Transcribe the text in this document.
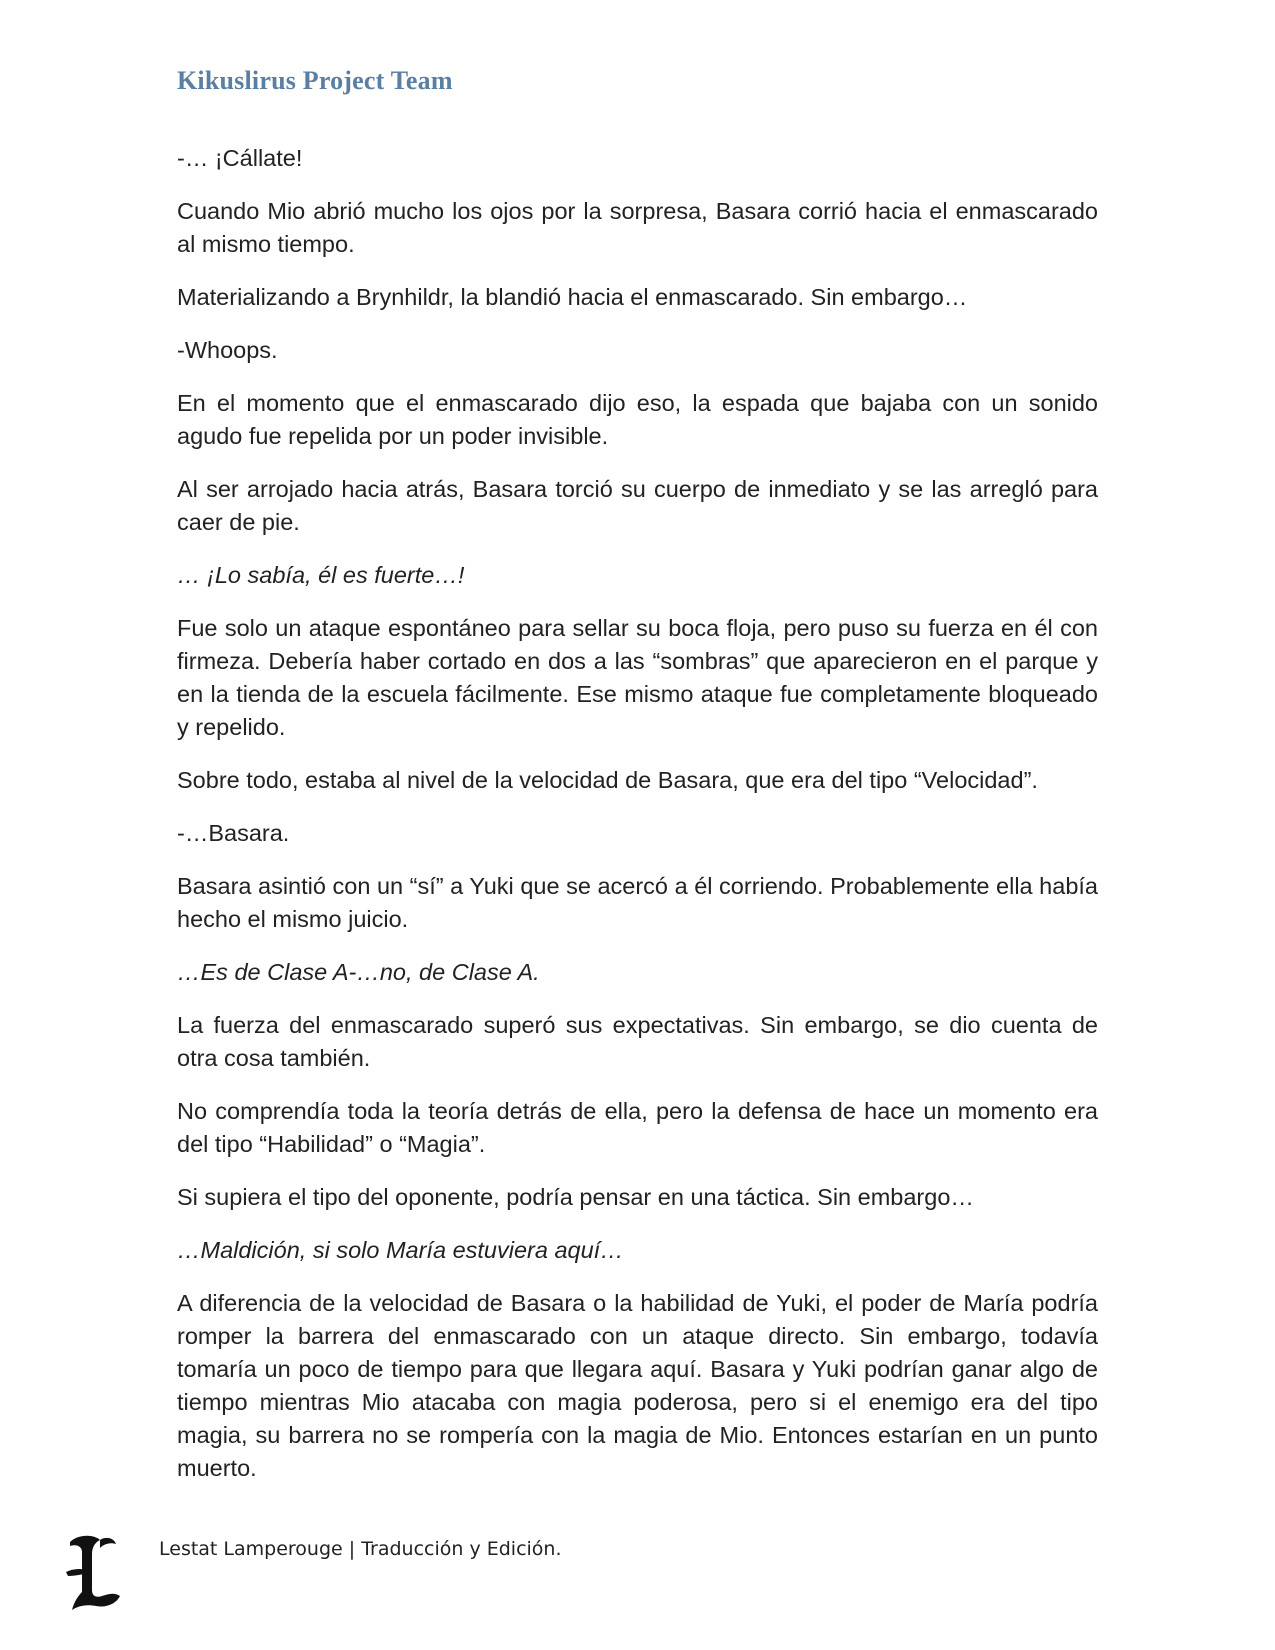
Kikuslirus Project Team

-… ¡Cállate!

Cuando Mio abrió mucho los ojos por la sorpresa, Basara corrió hacia el enmascarado al mismo tiempo.

Materializando a Brynhildr, la blandió hacia el enmascarado. Sin embargo…

-Whoops.

En el momento que el enmascarado dijo eso, la espada que bajaba con un sonido agudo fue repelida por un poder invisible.

Al ser arrojado hacia atrás, Basara torció su cuerpo de inmediato y se las arregló para caer de pie.

… ¡Lo sabía, él es fuerte…!

Fue solo un ataque espontáneo para sellar su boca floja, pero puso su fuerza en él con firmeza. Debería haber cortado en dos a las “sombras” que aparecieron en el parque y en la tienda de la escuela fácilmente. Ese mismo ataque fue completamente bloqueado y repelido.

Sobre todo, estaba al nivel de la velocidad de Basara, que era del tipo “Velocidad”.

-…Basara.

Basara asintió con un “sí” a Yuki que se acercó a él corriendo. Probablemente ella había hecho el mismo juicio.

…Es de Clase A-…no, de Clase A.

La fuerza del enmascarado superó sus expectativas. Sin embargo, se dio cuenta de otra cosa también.

No comprendía toda la teoría detrás de ella, pero la defensa de hace un momento era del tipo “Habilidad” o “Magia”.

Si supiera el tipo del oponente, podría pensar en una táctica. Sin embargo…

…Maldición, si solo María estuviera aquí…

A diferencia de la velocidad de Basara o la habilidad de Yuki, el poder de María podría romper la barrera del enmascarado con un ataque directo. Sin embargo, todavía tomaría un poco de tiempo para que llegara aquí. Basara y Yuki podrían ganar algo de tiempo mientras Mio atacaba con magia poderosa, pero si el enemigo era del tipo magia, su barrera no se rompería con la magia de Mio. Entonces estarían en un punto muerto.

Lestat Lamperouge | Traducción y Edición.
